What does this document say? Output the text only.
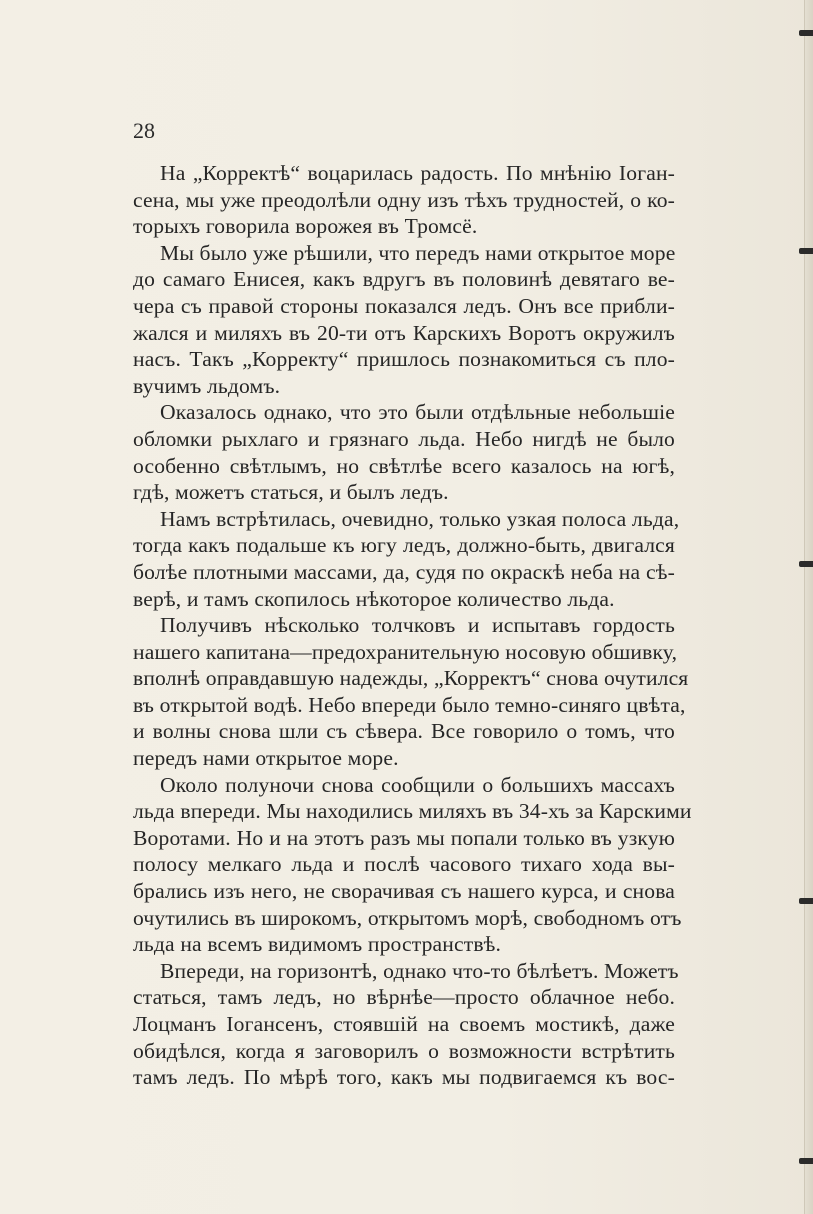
28

На „Корректѣ“ воцарилась радость. По мнѣнію Іоган-
сена, мы уже преодолѣли одну изъ тѣхъ трудностей, о ко-
торыхъ говорила ворожея въ Тромсё.
Мы было уже рѣшили, что передъ нами открытое море
до самаго Енисея, какъ вдругъ въ половинѣ девятаго ве-
чера съ правой стороны показался ледъ. Онъ все прибли-
жался и миляхъ въ 20-ти отъ Карскихъ Воротъ окружилъ
насъ. Такъ „Корректу“ пришлось познакомиться съ пло-
вучимъ льдомъ.
Оказалось однако, что это были отдѣльные небольшіе
обломки рыхлаго и грязнаго льда. Небо нигдѣ не было
особенно свѣтлымъ, но свѣтлѣе всего казалось на югѣ,
гдѣ, можетъ статься, и былъ ледъ.
Намъ встрѣтилась, очевидно, только узкая полоса льда,
тогда какъ подальше къ югу ледъ, должно-быть, двигался
болѣе плотными массами, да, судя по окраскѣ неба на сѣ-
верѣ, и тамъ скопилось нѣкоторое количество льда.
Получивъ нѣсколько толчковъ и испытавъ гордость
нашего капитана—предохранительную носовую обшивку,
вполнѣ оправдавшую надежды, „Корректъ“ снова очутился
въ открытой водѣ. Небо впереди было темно-синяго цвѣта,
и волны снова шли съ сѣвера. Все говорило о томъ, что
передъ нами открытое море.
Около полуночи снова сообщили о большихъ массахъ
льда впереди. Мы находились миляхъ въ 34-хъ за Карскими
Воротами. Но и на этотъ разъ мы попали только въ узкую
полосу мелкаго льда и послѣ часового тихаго хода вы-
брались изъ него, не сворачивая съ нашего курса, и снова
очутились въ широкомъ, открытомъ морѣ, свободномъ отъ
льда на всемъ видимомъ пространствѣ.
Впереди, на горизонтѣ, однако что-то бѣлѣетъ. Можетъ
статься, тамъ ледъ, но вѣрнѣе—просто облачное небо.
Лоцманъ Іогансенъ, стоявшій на своемъ мостикѣ, даже
обидѣлся, когда я заговорилъ о возможности встрѣтить
тамъ ледъ. По мѣрѣ того, какъ мы подвигаемся къ вос-
